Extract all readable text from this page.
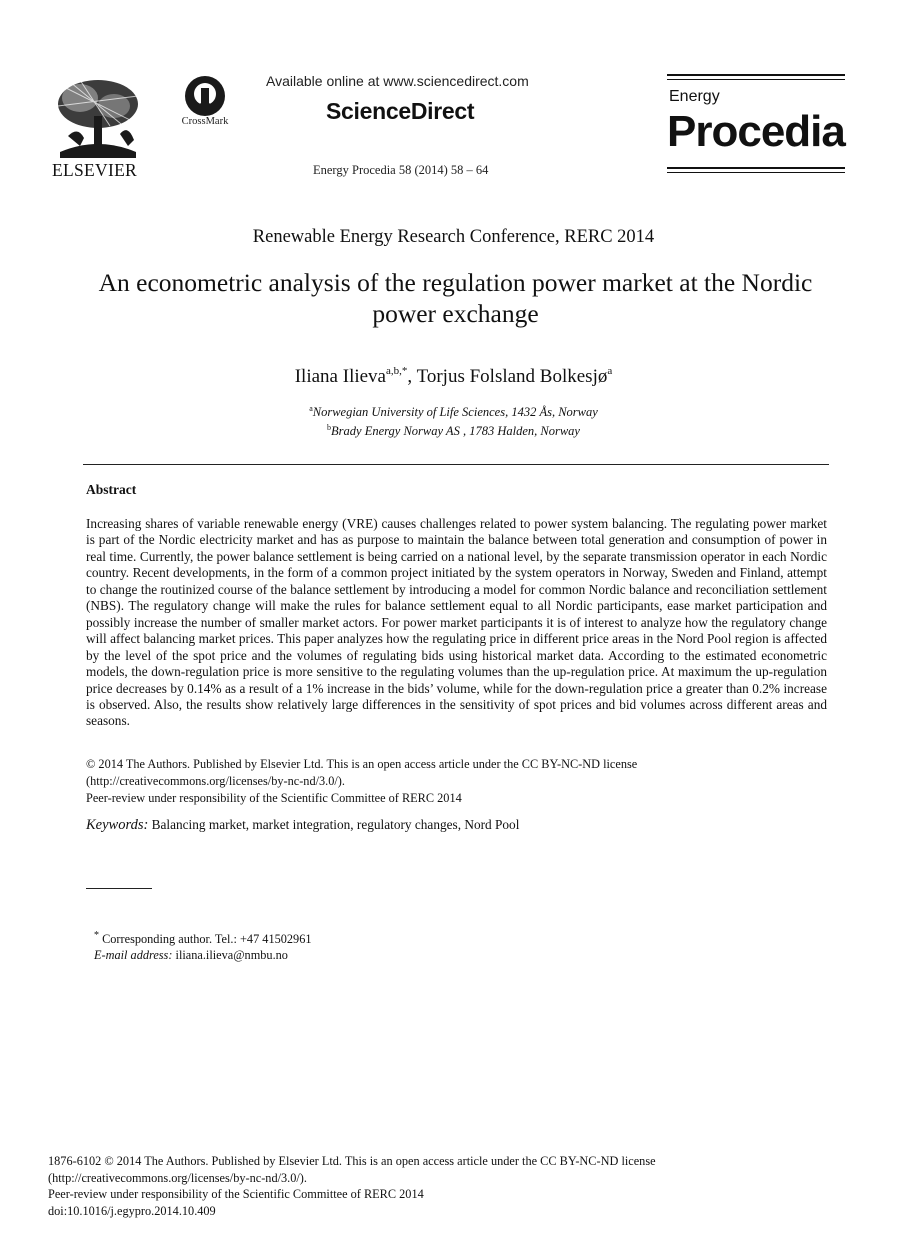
ELSEVIER
CrossMark
Available online at www.sciencedirect.com
ScienceDirect
Energy Procedia 58 (2014) 58 – 64
Energy
Procedia
Renewable Energy Research Conference, RERC 2014
An econometric analysis of the regulation power market at the Nordic power exchange
Iliana Ilieva$^{a,b,*}$, Torjus Folsland Bolkesjø$^a$
$^a$Norwegian University of Life Sciences, 1432 Ås, Norway
$^b$Brady Energy Norway AS , 1783 Halden, Norway
Abstract
Increasing shares of variable renewable energy (VRE) causes challenges related to power system balancing. The regulating power market is part of the Nordic electricity market and has as purpose to maintain the balance between total generation and consumption of power in real time. Currently, the power balance settlement is being carried on a national level, by the separate transmission operator in each Nordic country. Recent developments, in the form of a common project initiated by the system operators in Norway, Sweden and Finland, attempt to change the routinized course of the balance settlement by introducing a model for common Nordic balance and reconciliation settlement (NBS). The regulatory change will make the rules for balance settlement equal to all Nordic participants, ease market participation and possibly increase the number of smaller market actors. For power market participants it is of interest to analyze how the regulatory change will affect balancing market prices. This paper analyzes how the regulating price in different price areas in the Nord Pool region is affected by the level of the spot price and the volumes of regulating bids using historical market data. According to the estimated econometric models, the down-regulation price is more sensitive to the regulating volumes than the up-regulation price. At maximum the up-regulation price decreases by 0.14% as a result of a 1% increase in the bids’ volume, while for the down-regulation price a greater than 0.2% increase is observed. Also, the results show relatively large differences in the sensitivity of spot prices and bid volumes across different areas and seasons.
© 2014 The Authors. Published by Elsevier Ltd. This is an open access article under the CC BY-NC-ND license
(http://creativecommons.org/licenses/by-nc-nd/3.0/).
Peer-review under responsibility of the Scientific Committee of RERC 2014
Keywords: Balancing market, market integration, regulatory changes, Nord Pool
* Corresponding author. Tel.: +47 41502961
E-mail address: iliana.ilieva@nmbu.no
1876-6102 © 2014 The Authors. Published by Elsevier Ltd. This is an open access article under the CC BY-NC-ND license
(http://creativecommons.org/licenses/by-nc-nd/3.0/).
Peer-review under responsibility of the Scientific Committee of RERC 2014
doi:10.1016/j.egypro.2014.10.409
